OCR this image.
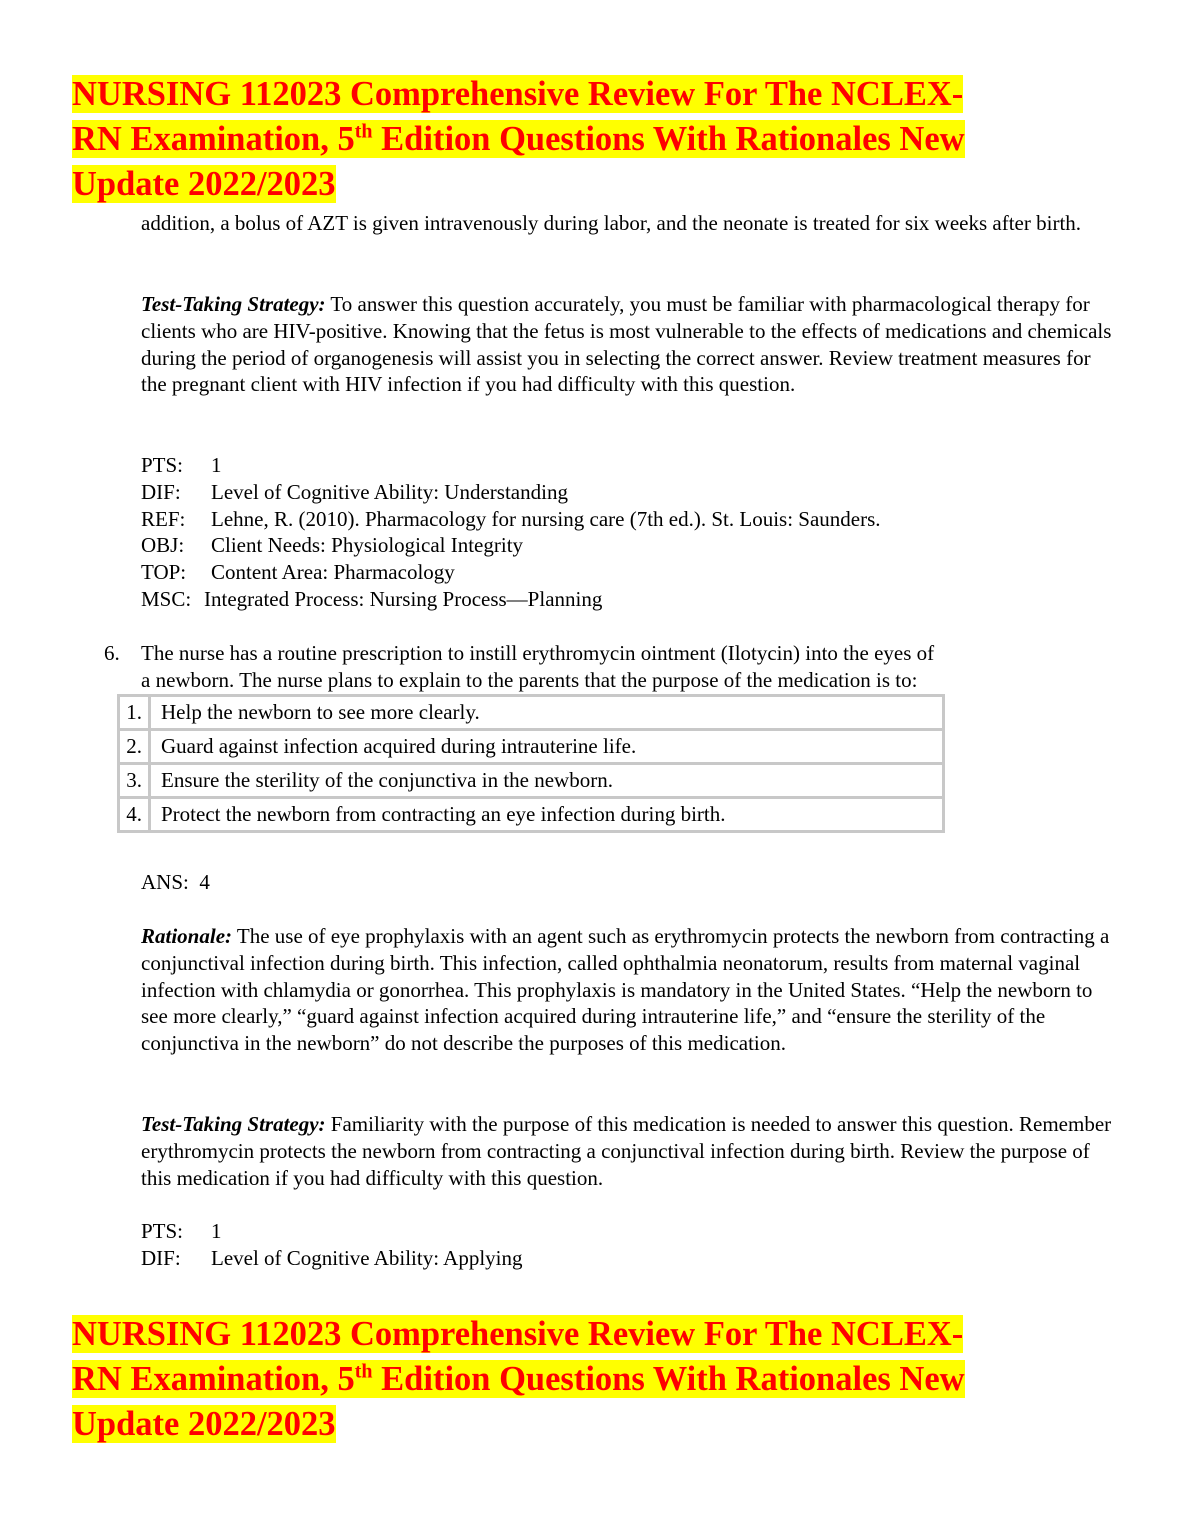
NURSING 112023 Comprehensive Review For The NCLEX-
RN Examination, 5th Edition Questions With Rationales New
Update 2022/2023
addition, a bolus of AZT is given intravenously during labor, and the neonate is treated for six weeks after birth.
Test-Taking Strategy: To answer this question accurately, you must be familiar with pharmacological therapy for clients who are HIV-positive. Knowing that the fetus is most vulnerable to the effects of medications and chemicals during the period of organogenesis will assist you in selecting the correct answer. Review treatment measures for the pregnant client with HIV infection if you had difficulty with this question.
PTS: 1
DIF: Level of Cognitive Ability: Understanding
REF: Lehne, R. (2010). Pharmacology for nursing care (7th ed.). St. Louis: Saunders.
OBJ: Client Needs: Physiological Integrity
TOP: Content Area: Pharmacology
MSC: Integrated Process: Nursing Process—Planning
6. The nurse has a routine prescription to instill erythromycin ointment (Ilotycin) into the eyes of
a newborn. The nurse plans to explain to the parents that the purpose of the medication is to:
1.	Help the newborn to see more clearly.
2.	Guard against infection acquired during intrauterine life.
3.	Ensure the sterility of the conjunctiva in the newborn.
4.	Protect the newborn from contracting an eye infection during birth.
ANS:  4
Rationale: The use of eye prophylaxis with an agent such as erythromycin protects the newborn from contracting a conjunctival infection during birth. This infection, called ophthalmia neonatorum, results from maternal vaginal infection with chlamydia or gonorrhea. This prophylaxis is mandatory in the United States. “Help the newborn to see more clearly,” “guard against infection acquired during intrauterine life,” and “ensure the sterility of the conjunctiva in the newborn” do not describe the purposes of this medication.
Test-Taking Strategy: Familiarity with the purpose of this medication is needed to answer this question. Remember erythromycin protects the newborn from contracting a conjunctival infection during birth. Review the purpose of this medication if you had difficulty with this question.
PTS: 1
DIF: Level of Cognitive Ability: Applying
NURSING 112023 Comprehensive Review For The NCLEX-
RN Examination, 5th Edition Questions With Rationales New
Update 2022/2023
